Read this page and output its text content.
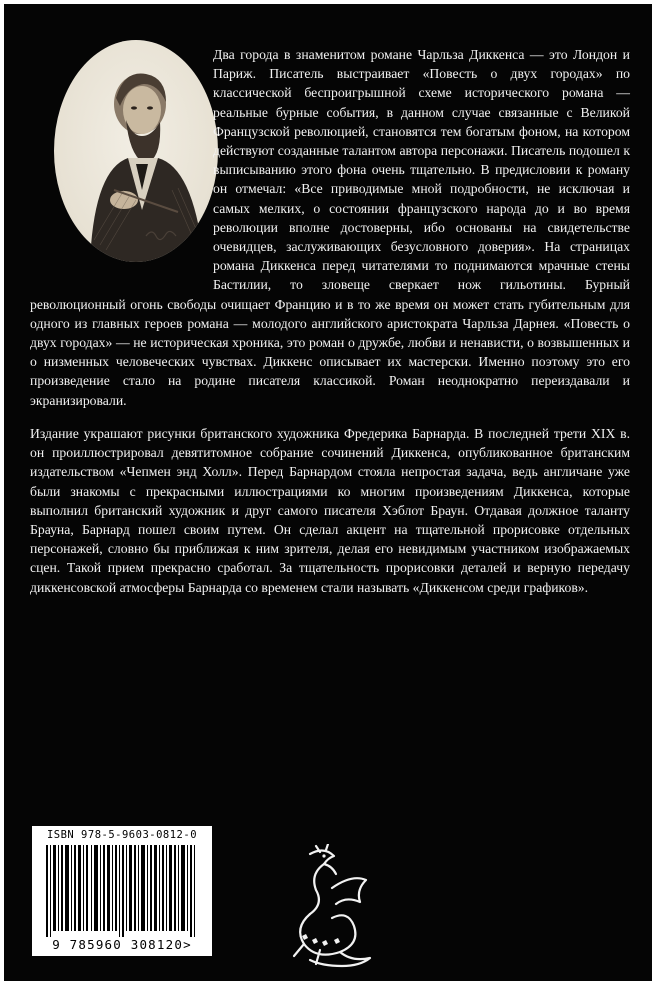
Два города в знаменитом романе Чарльза Диккенса — это Лондон и Париж. Писатель выстраивает «Повесть о двух городах» по классической беспроигрышной схеме исторического романа — реальные бурные события, в данном случае связанные с Великой Французской революцией, становятся тем богатым фоном, на котором действуют созданные талантом автора персонажи. Писатель подошел к выписыванию этого фона очень тщательно. В предисловии к роману он отмечал: «Все приводимые мной подробности, не исключая и самых мелких, о состоянии французского народа до и во время революции вполне достоверны, ибо основаны на свидетельстве очевидцев, заслуживающих безусловного доверия». На страницах романа Диккенса перед читателями то поднимаются мрачные стены Бастилии, то зловеще сверкает нож гильотины. Бурный революционный огонь свободы очищает Францию и в то же время он может стать губительным для одного из главных героев романа — молодого английского аристократа Чарльза Дарнея. «Повесть о двух городах» — не историческая хроника, это роман о дружбе, любви и ненависти, о возвышенных и о низменных человеческих чувствах. Диккенс описывает их мастерски. Именно поэтому это его произведение стало на родине писателя классикой. Роман неоднократно переиздавали и экранизировали.

Издание украшают рисунки британского художника Фредерика Барнарда. В последней трети XIX в. он проиллюстрировал девятитомное собрание сочинений Диккенса, опубликованное британским издательством «Чепмен энд Холл». Перед Барнардом стояла непростая задача, ведь англичане уже были знакомы с прекрасными иллюстрациями ко многим произведениям Диккенса, которые выполнил британский художник и друг самого писателя Хэблот Браун. Отдавая должное таланту Брауна, Барнард пошел своим путем. Он сделал акцент на тщательной прорисовке отдельных персонажей, словно бы приближая к ним зрителя, делая его невидимым участником изображаемых сцен. Такой прием прекрасно сработал. За тщательность прорисовки деталей и верную передачу диккенсовской атмосферы Барнарда со временем стали называть «Диккенсом среди графиков».

ISBN 978-5-9603-0812-0
9 785960 308120>
